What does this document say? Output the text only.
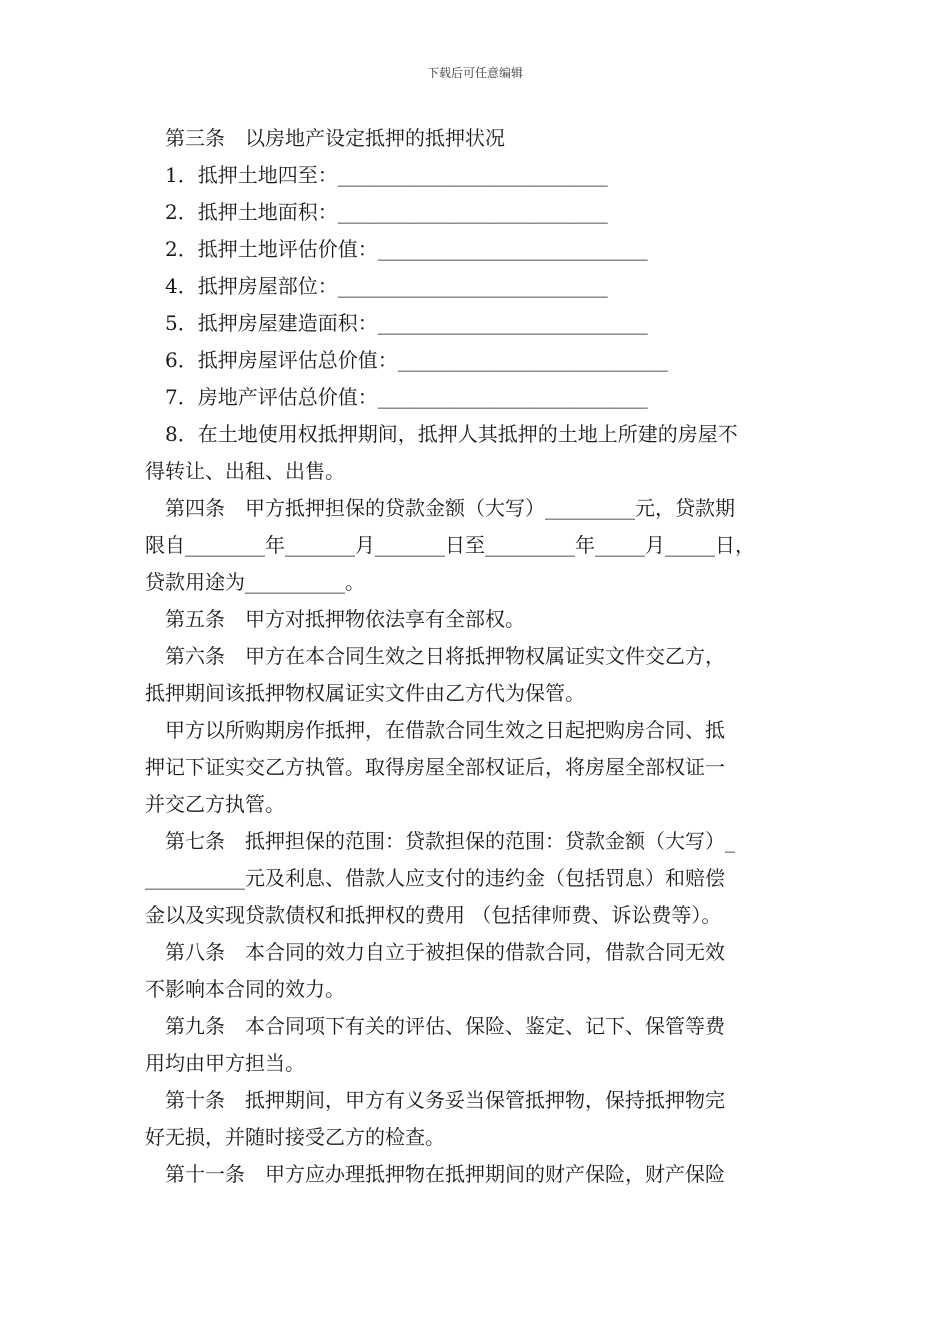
下载后可任意编辑
第三条　以房地产设定抵押的抵押状况
1．抵押土地四至：___________________________
2．抵押土地面积：___________________________
2．抵押土地评估价值：___________________________
4．抵押房屋部位：___________________________
5．抵押房屋建造面积：___________________________
6．抵押房屋评估总价值：___________________________
7．房地产评估总价值：___________________________
8．在土地使用权抵押期间，抵押人其抵押的土地上所建的房屋不
得转让、出租、出售。
第四条　甲方抵押担保的贷款金额（大写）_________元，贷款期
限自________年_______月_______日至_________年_____月_____日，
贷款用途为__________。
第五条　甲方对抵押物依法享有全部权。
第六条　甲方在本合同生效之日将抵押物权属证实文件交乙方，
抵押期间该抵押物权属证实文件由乙方代为保管。
甲方以所购期房作抵押，在借款合同生效之日起把购房合同、抵
押记下证实交乙方执管。取得房屋全部权证后，将房屋全部权证一
并交乙方执管。
第七条　抵押担保的范围：贷款担保的范围：贷款金额（大写）_
__________元及利息、借款人应支付的违约金（包括罚息）和赔偿
金以及实现贷款债权和抵押权的费用 （包括律师费、诉讼费等）。
第八条　本合同的效力自立于被担保的借款合同，借款合同无效
不影响本合同的效力。
第九条　本合同项下有关的评估、保险、鉴定、记下、保管等费
用均由甲方担当。
第十条　抵押期间，甲方有义务妥当保管抵押物，保持抵押物完
好无损，并随时接受乙方的检查。
第十一条　甲方应办理抵押物在抵押期间的财产保险，财产保险
